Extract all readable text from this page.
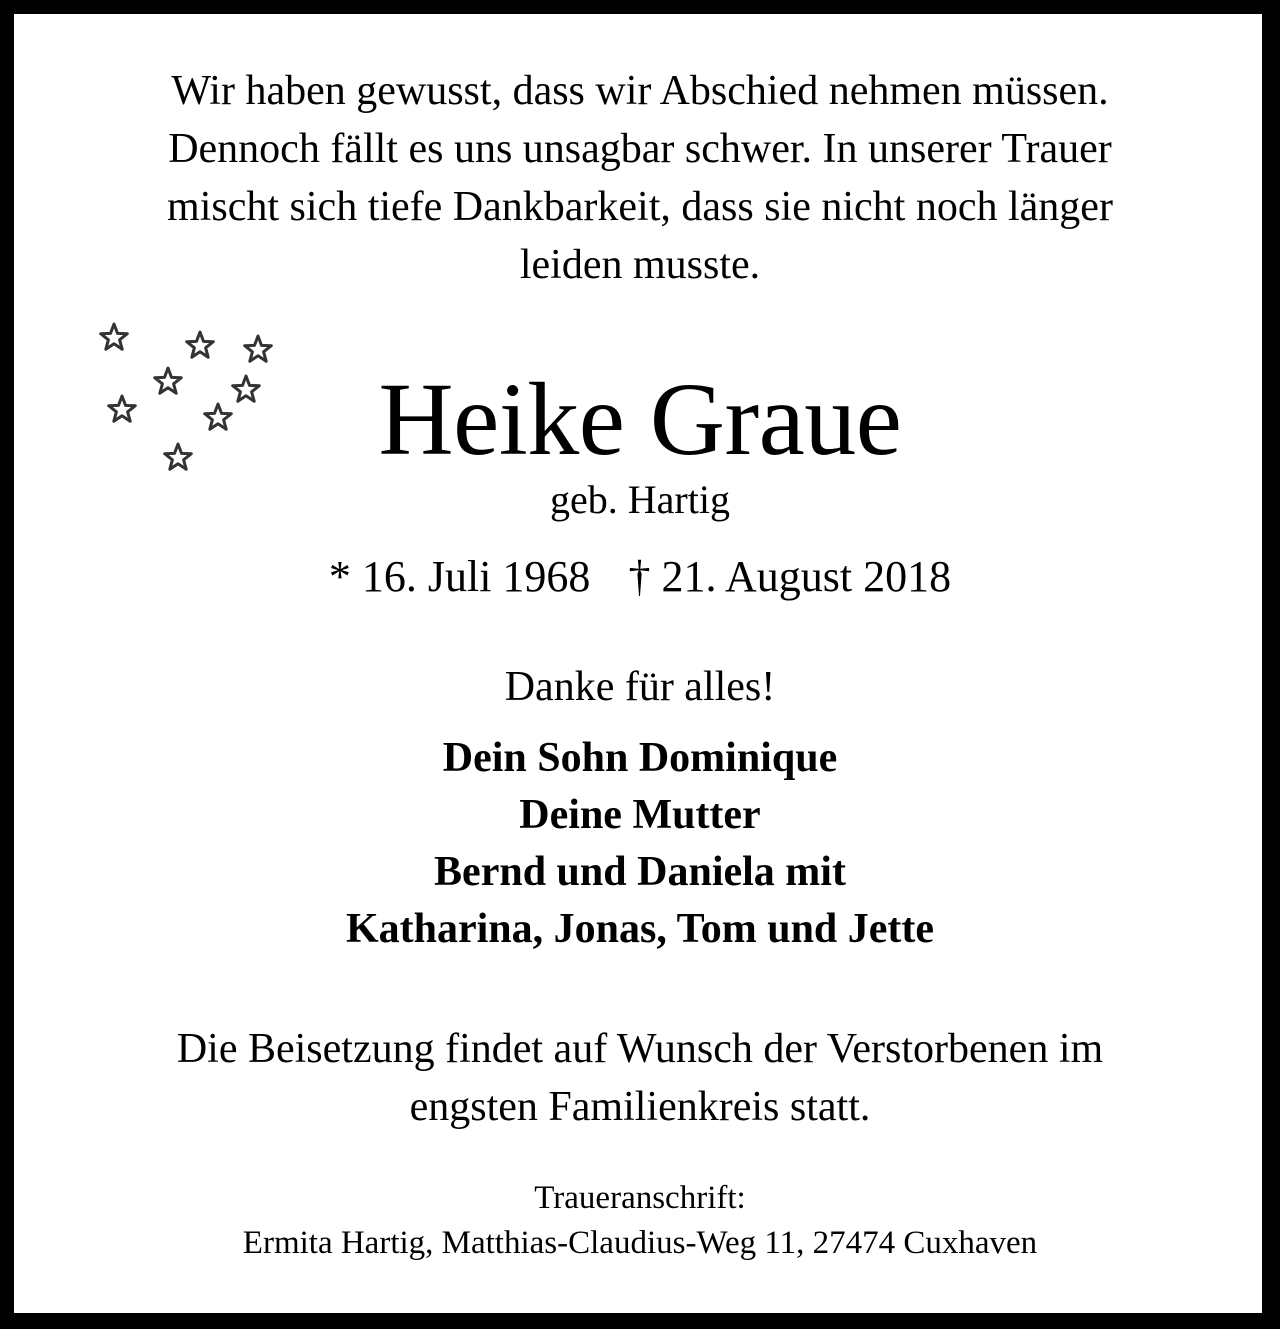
Wir haben gewusst, dass wir Abschied nehmen müssen.
Dennoch fällt es uns unsagbar schwer. In unserer Trauer
mischt sich tiefe Dankbarkeit, dass sie nicht noch länger
leiden musste.
Heike Graue
geb. Hartig
* 16. Juli 1968 † 21. August 2018
Danke für alles!
Dein Sohn Dominique
Deine Mutter
Bernd und Daniela mit
Katharina, Jonas, Tom und Jette
Die Beisetzung findet auf Wunsch der Verstorbenen im
engsten Familienkreis statt.
Traueranschrift:
Ermita Hartig, Matthias-Claudius-Weg 11, 27474 Cuxhaven
